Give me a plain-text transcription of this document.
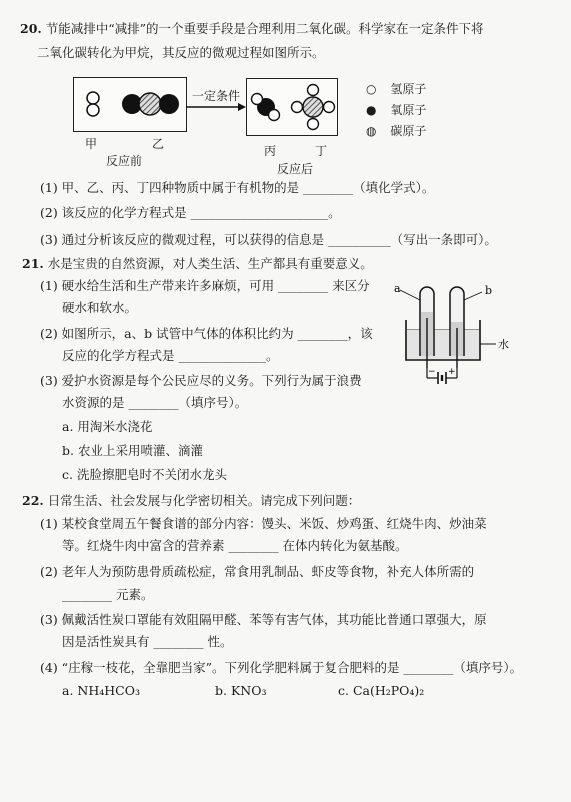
20. 节能减排中“减排”的一个重要手段是合理利用二氧化碳。科学家在一定条件下将
二氧化碳转化为甲烷，其反应的微观过程如图所示。
一定条件	○ 氢原子
● 氧原子
◍ 碳原子
甲	乙
反应前
丙	丁
反应后
(1) 甲、乙、丙、丁四种物质中属于有机物的是 ________（填化学式）。
(2) 该反应的化学方程式是 ______________________。
(3) 通过分析该反应的微观过程，可以获得的信息是 __________（写出一条即可）。
21. 水是宝贵的自然资源，对人类生活、生产都具有重要意义。
(1) 硬水给生活和生产带来许多麻烦，可用 ________ 来区分
硬水和软水。
(2) 如图所示，a、b 试管中气体的体积比约为 ________，该
反应的化学方程式是 ______________。
(3) 爱护水资源是每个公民应尽的义务。下列行为属于浪费
水资源的是 ________（填序号）。
a. 用淘米水浇花
b. 农业上采用喷灌、滴灌
c. 洗脸擦肥皂时不关闭水龙头
a	b
水
+
−
22. 日常生活、社会发展与化学密切相关。请完成下列问题：
(1) 某校食堂周五午餐食谱的部分内容：馒头、米饭、炒鸡蛋、红烧牛肉、炒油菜
等。红烧牛肉中富含的营养素 ________ 在体内转化为氨基酸。
(2) 老年人为预防患骨质疏松症，常食用乳制品、虾皮等食物，补充人体所需的
________ 元素。
(3) 佩戴活性炭口罩能有效阻隔甲醛、苯等有害气体，其功能比普通口罩强大，原
因是活性炭具有 ________ 性。
(4) “庄稼一枝花，全靠肥当家”。下列化学肥料属于复合肥料的是 ________（填序号）。
a. NH₄HCO₃	b. KNO₃	c. Ca(H₂PO₄)₂
